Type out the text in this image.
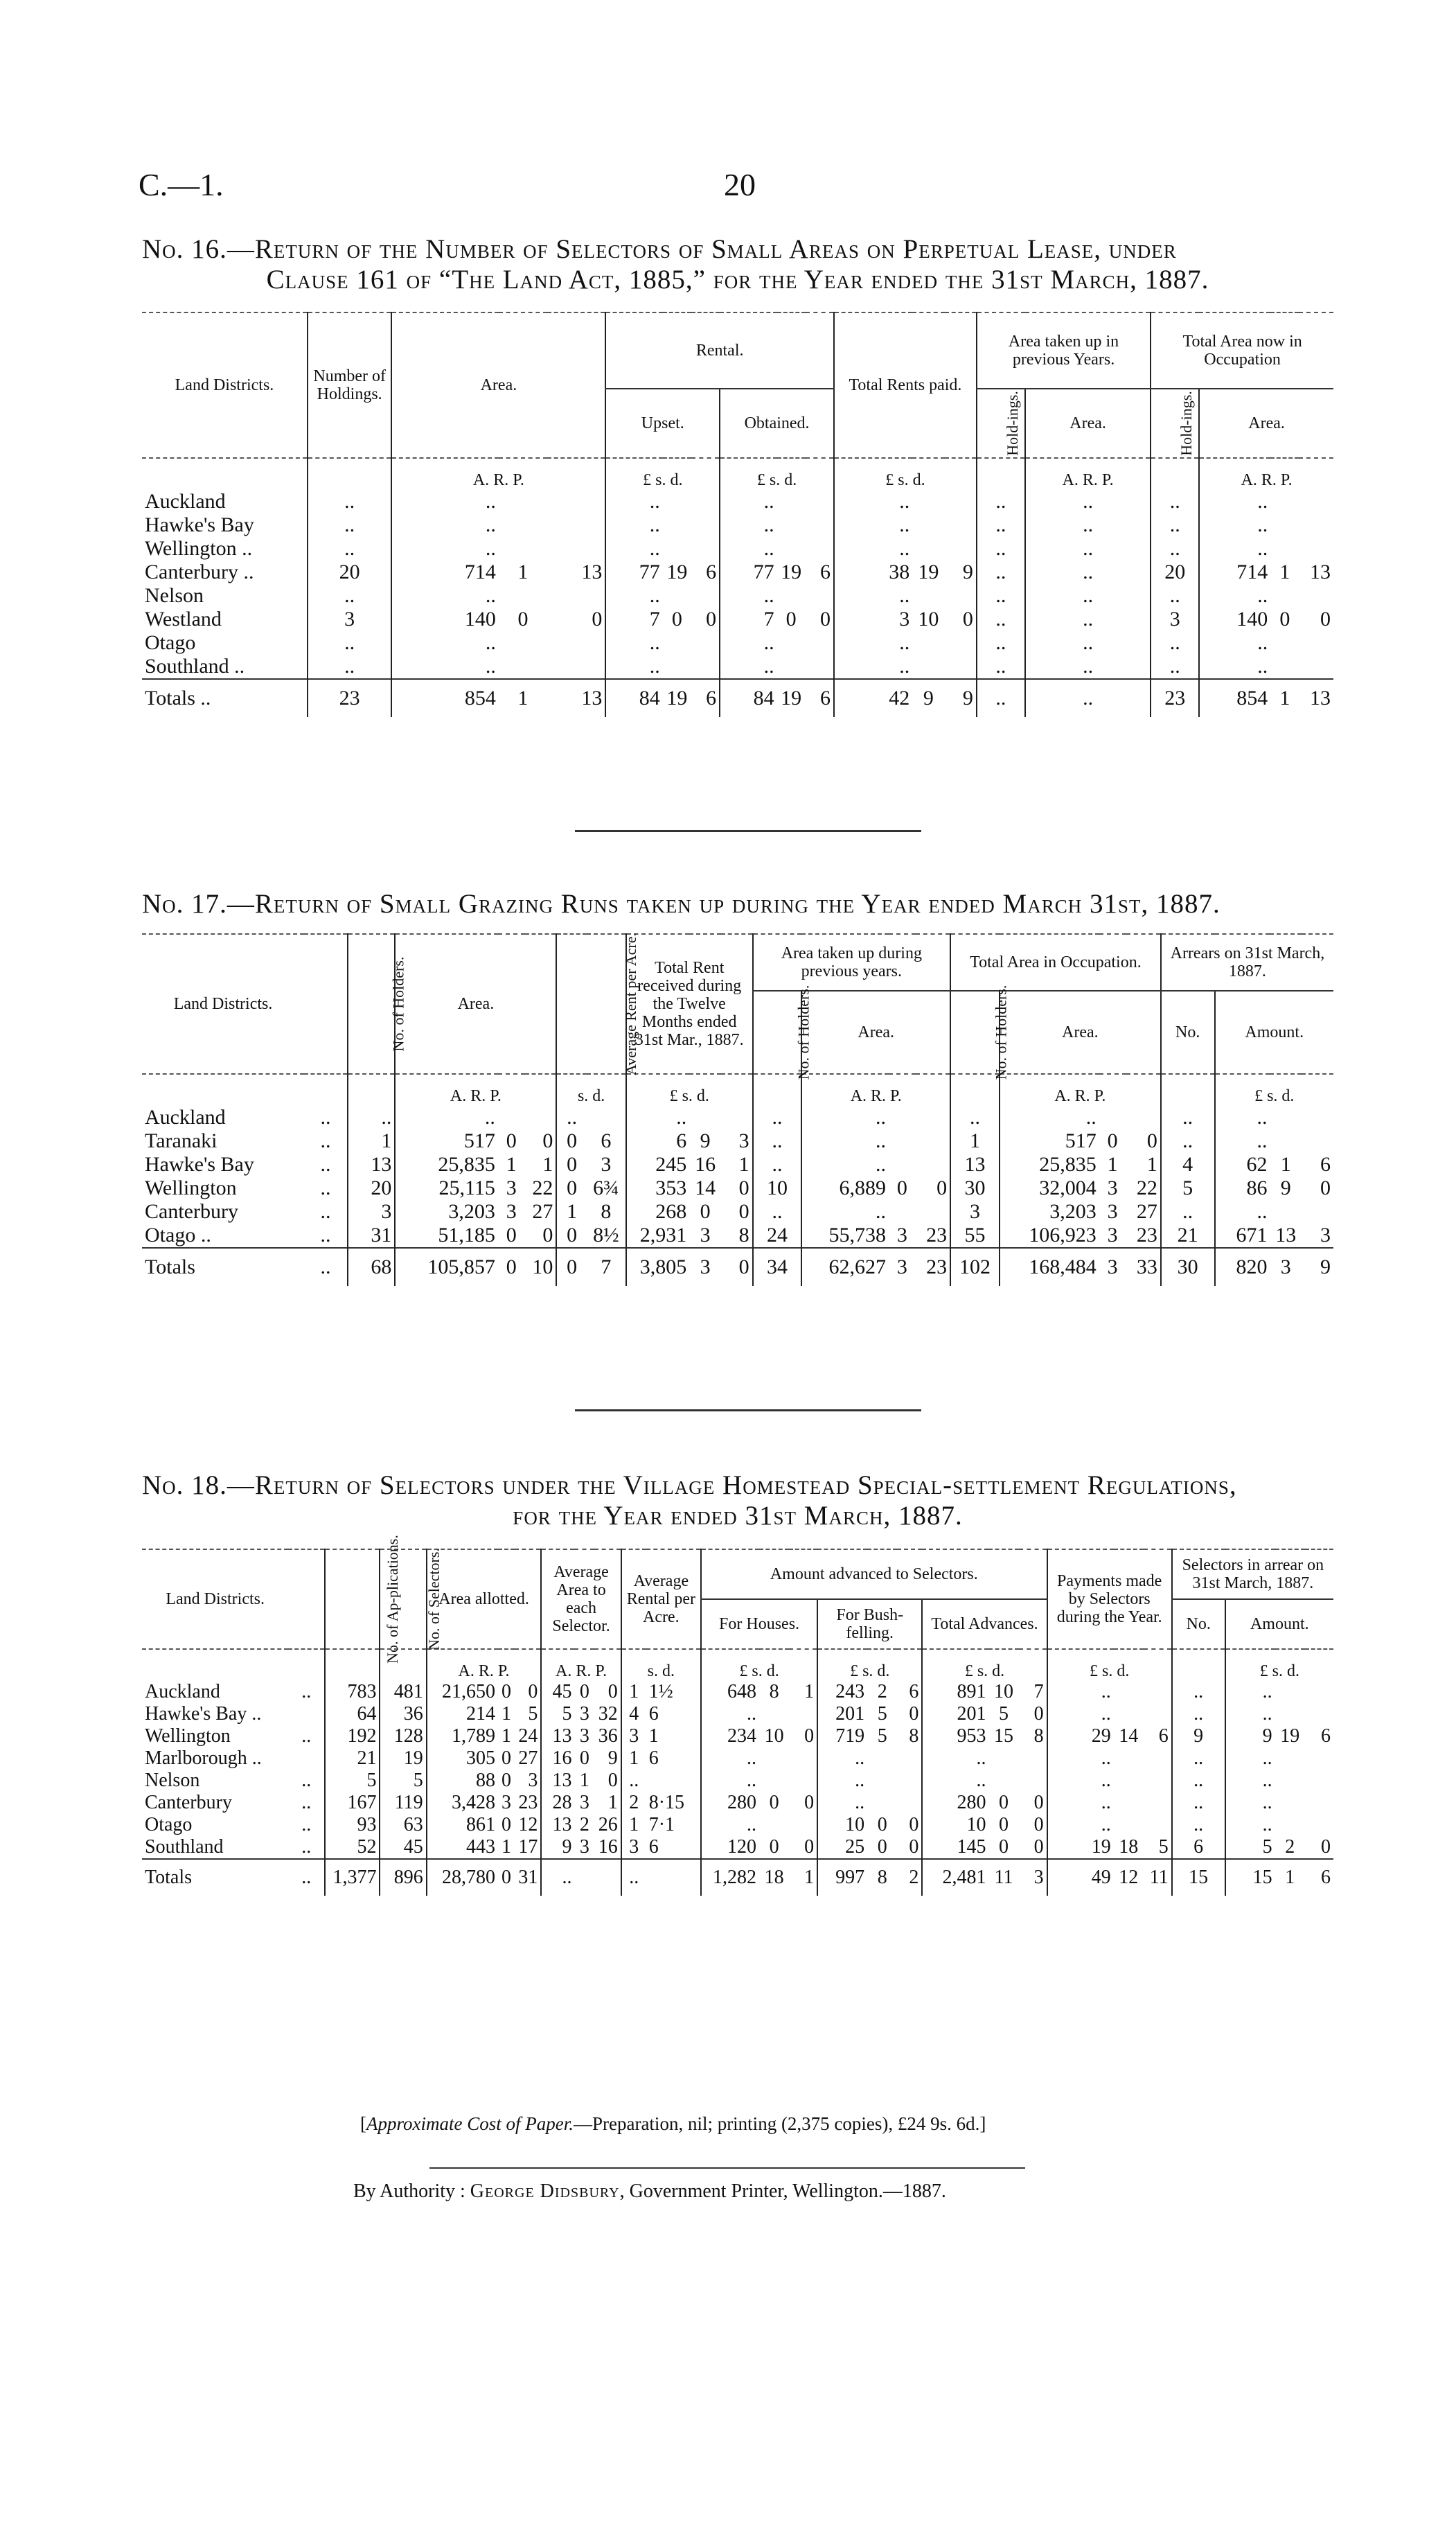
C.—1.	20
No. 16.—Return of the Number of Selectors of Small Areas on Perpetual Lease, under
Clause 161 of “The Land Act, 1885,” for the Year ended the 31st March, 1887.
Land Districts.	Number of Holdings.	Area.			Rental.						Total Rents paid.			Area taken up in previous Years.		Total Area now in Occupation			
					Upset.			Obtained.						Hold-ings.	Area.	Hold-ings.	Area.		
		A. R. P.			£ s. d.			£ s. d.			£ s. d.				A. R. P.		A. R. P.		
Auckland	..	..			..			..			..			..	..	..	..		
Hawke's Bay	..	..			..			..			..			..	..	..	..		
Wellington ..	..	..			..			..			..			..	..	..	..		
Canterbury ..	20	714	1	13	77	19	6	77	19	6	38	19	9	..	..	20	714	1	13
Nelson	..	..			..			..			..			..	..	..	..		
Westland	3	140	0	0	7	0	0	7	0	0	3	10	0	..	..	3	140	0	0
Otago	..	..			..			..			..			..	..	..	..		
Southland ..	..	..			..			..			..			..	..	..	..		
Totals ..	23	854	1	13	84	19	6	84	19	6	42	9	9	..	..	23	854	1	13
No. 17.—Return of Small Grazing Runs taken up during the Year ended March 31st, 1887.
Land Districts.		No. of Holders.	Area.			Average Rent per Acre.		Total Rent received during the Twelve Months ended 31st Mar., 1887.			Area taken up during previous years.				Total Area in Occupation.				Arrears on 31st March, 1887.			
											No. of Holders.	Area.			No. of Holders.	Area.			No.	Amount.		
			A. R. P.			s. d.		£ s. d.				A. R. P.				A. R. P.				£ s. d.		
Auckland	..	..	..			..		..			..	..			..	..			..	..		
Taranaki	..	1	517	0	0	0	6	6	9	3	..	..			1	517	0	0	..	..		
Hawke's Bay	..	13	25,835	1	1	0	3	245	16	1	..	..			13	25,835	1	1	4	62	1	6
Wellington	..	20	25,115	3	22	0	6¾	353	14	0	10	6,889	0	0	30	32,004	3	22	5	86	9	0
Canterbury	..	3	3,203	3	27	1	8	268	0	0	..	..			3	3,203	3	27	..	..		
Otago ..	..	31	51,185	0	0	0	8½	2,931	3	8	24	55,738	3	23	55	106,923	3	23	21	671	13	3
Totals	..	68	105,857	0	10	0	7	3,805	3	0	34	62,627	3	23	102	168,484	3	33	30	820	3	9
No. 18.—Return of Selectors under the Village Homestead Special-settlement Regulations,
for the Year ended 31st March, 1887.
Land Districts.		No. of Ap-plications.	No. of Selectors.	Area allotted.			Average Area to each Selector.			Average Rental per Acre.		Amount advanced to Selectors.									Payments made by Selectors during the Year.			Selectors in arrear on 31st March, 1887.			
												For Houses.			For Bush-felling.			Total Advances.						No.	Amount.		
				A. R. P.			A. R. P.			s. d.		£ s. d.			£ s. d.			£ s. d.			£ s. d.				£ s. d.		
Auckland	..	783	481	21,650	0	0	45	0	0	1	1½	648	8	1	243	2	6	891	10	7	..			..	..		
Hawke's Bay ..		64	36	214	1	5	5	3	32	4	6	..			201	5	0	201	5	0	..			..	..		
Wellington	..	192	128	1,789	1	24	13	3	36	3	1	234	10	0	719	5	8	953	15	8	29	14	6	9	9	19	6
Marlborough ..		21	19	305	0	27	16	0	9	1	6	..			..			..			..			..	..		
Nelson	..	5	5	88	0	3	13	1	0	..		..			..			..			..			..	..		
Canterbury	..	167	119	3,428	3	23	28	3	1	2	8·15	280	0	0	..			280	0	0	..			..	..		
Otago	..	93	63	861	0	12	13	2	26	1	7·1	..			10	0	0	10	0	0	..			..	..		
Southland	..	52	45	443	1	17	9	3	16	3	6	120	0	0	25	0	0	145	0	0	19	18	5	6	5	2	0
Totals	..	1,377	896	28,780	0	31	..			..		1,282	18	1	997	8	2	2,481	11	3	49	12	11	15	15	1	6
[Approximate Cost of Paper.—Preparation, nil; printing (2,375 copies), £24 9s. 6d.]
By Authority : George Didsbury, Government Printer, Wellington.—1887.
